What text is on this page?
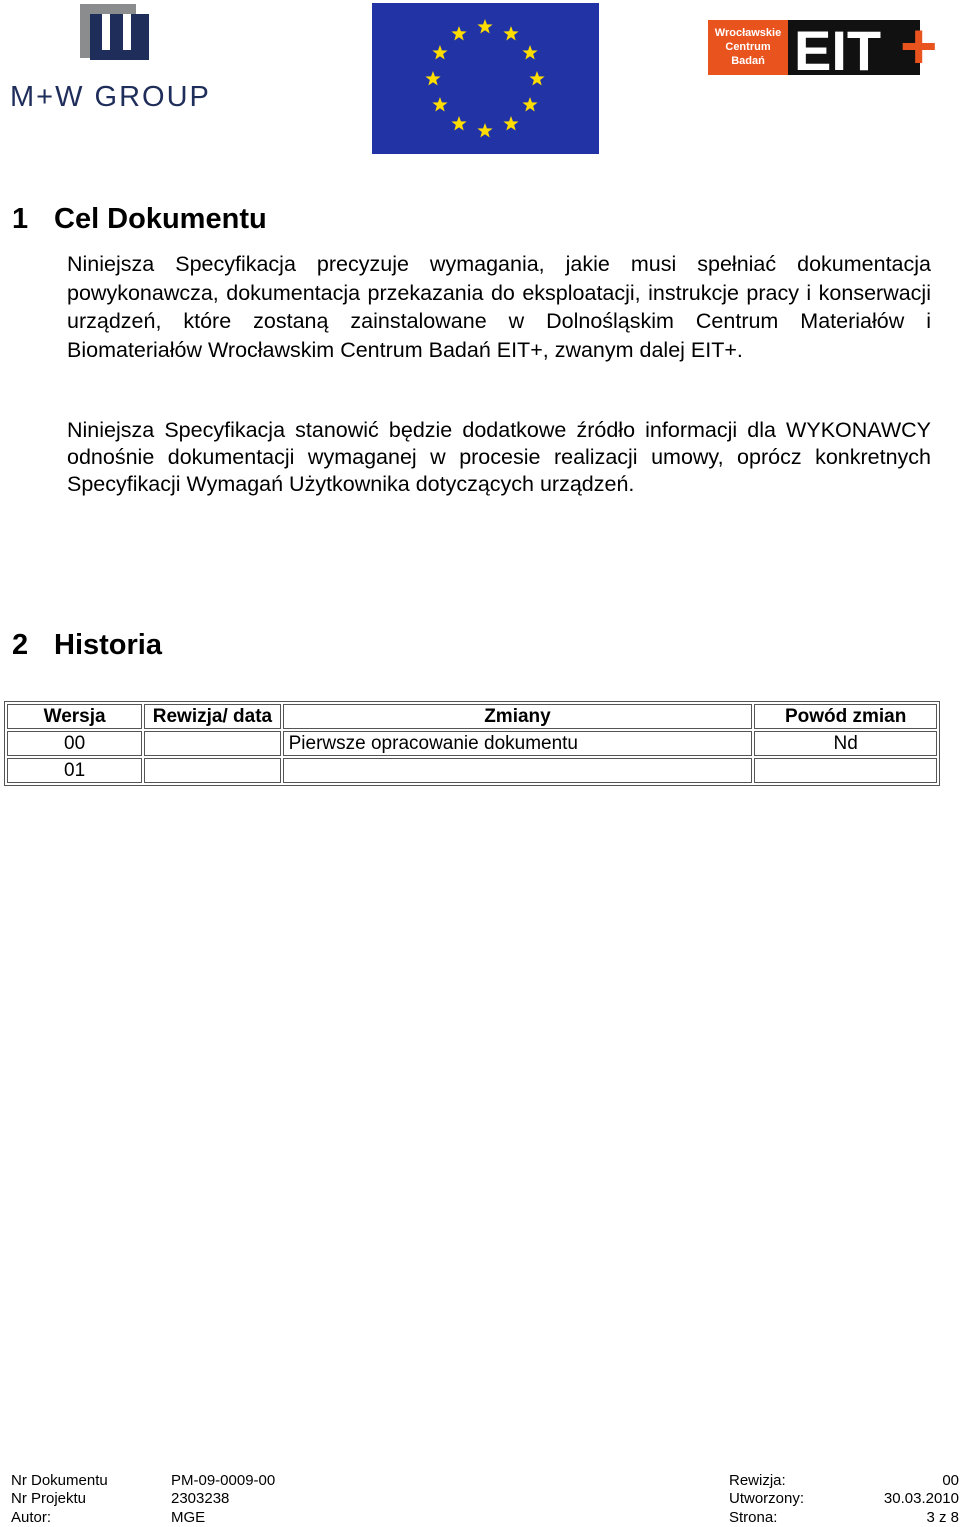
M+W GROUP
Wrocławskie
Centrum
Badań EIT +
1 Cel Dokumentu

Niniejsza Specyfikacja precyzuje wymagania, jakie musi spełniać dokumentacja powykonawcza, dokumentacja przekazania do eksploatacji, instrukcje pracy i konserwacji urządzeń, które zostaną zainstalowane w Dolnośląskim Centrum Materiałów i Biomateriałów Wrocławskim Centrum Badań EIT+, zwanym dalej EIT+.

Niniejsza Specyfikacja stanowić będzie dodatkowe źródło informacji dla WYKONAWCY odnośnie dokumentacji wymaganej w procesie realizacji umowy, oprócz konkretnych Specyfikacji Wymagań Użytkownika dotyczących urządzeń.

2 Historia
Wersja	Rewizja/ data	Zmiany	Powód zmian
00		Pierwsze opracowanie dokumentu	Nd
01			
Nr Dokumentu	PM-09-0009-00	Rewizja:	00
Nr Projektu	2303238	Utworzony:	30.03.2010
Autor:	MGE	Strona:	3 z 8
